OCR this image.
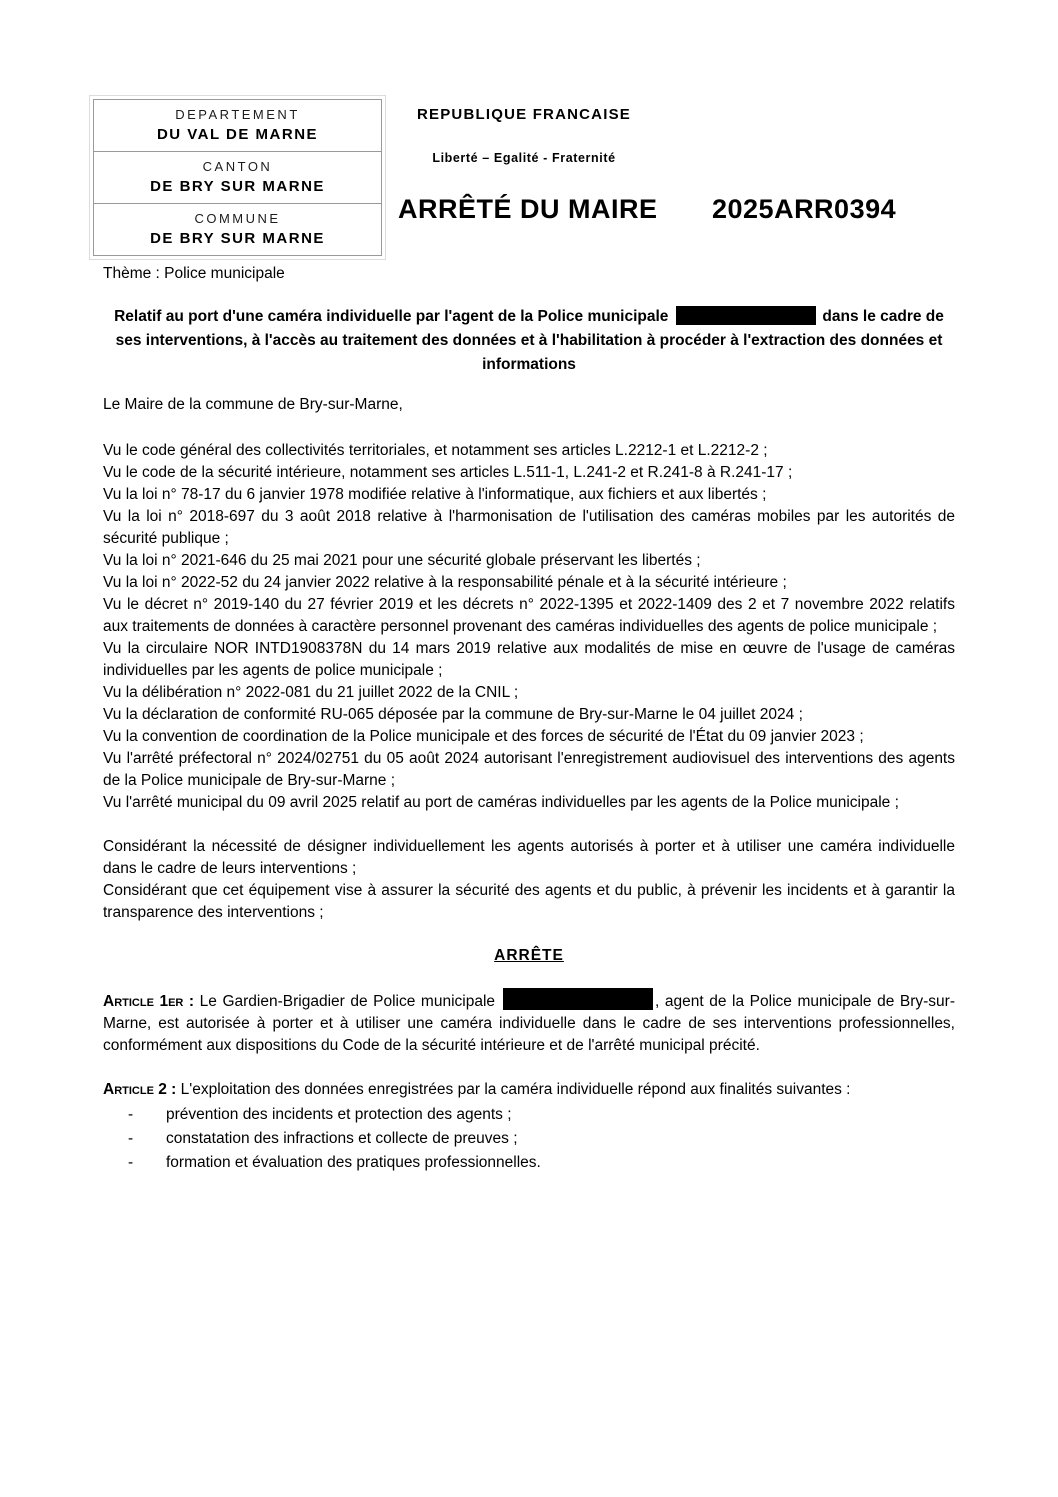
DEPARTEMENT
DU VAL DE MARNE
CANTON
DE BRY SUR MARNE
COMMUNE
DE BRY SUR MARNE
REPUBLIQUE FRANCAISE
Liberté – Egalité - Fraternité
ARRÊTÉ DU MAIRE 2025ARR0394

Thème : Police municipale

Relatif au port d'une caméra individuelle par l'agent de la Police municipale	dans le cadre de ses interventions, à l'accès au traitement des données et à l'habilitation à procéder à l'extraction des données et informations

Le Maire de la commune de Bry-sur-Marne,

Vu le code général des collectivités territoriales, et notamment ses articles L.2212-1 et L.2212-2 ;

Vu le code de la sécurité intérieure, notamment ses articles L.511-1, L.241-2 et R.241-8 à R.241-17 ;

Vu la loi n° 78-17 du 6 janvier 1978 modifiée relative à l'informatique, aux fichiers et aux libertés ;

Vu la loi n° 2018-697 du 3 août 2018 relative à l'harmonisation de l'utilisation des caméras mobiles par les autorités de sécurité publique ;

Vu la loi n° 2021-646 du 25 mai 2021 pour une sécurité globale préservant les libertés ;

Vu la loi n° 2022-52 du 24 janvier 2022 relative à la responsabilité pénale et à la sécurité intérieure ;

Vu le décret n° 2019-140 du 27 février 2019 et les décrets n° 2022-1395 et 2022-1409 des 2 et 7 novembre 2022 relatifs aux traitements de données à caractère personnel provenant des caméras individuelles des agents de police municipale ;

Vu la circulaire NOR INTD1908378N du 14 mars 2019 relative aux modalités de mise en œuvre de l'usage de caméras individuelles par les agents de police municipale ;

Vu la délibération n° 2022-081 du 21 juillet 2022 de la CNIL ;

Vu la déclaration de conformité RU-065 déposée par la commune de Bry-sur-Marne le 04 juillet 2024 ;

Vu la convention de coordination de la Police municipale et des forces de sécurité de l'État du 09 janvier 2023 ;

Vu l'arrêté préfectoral n° 2024/02751 du 05 août 2024 autorisant l'enregistrement audiovisuel des interventions des agents de la Police municipale de Bry-sur-Marne ;

Vu l'arrêté municipal du 09 avril 2025 relatif au port de caméras individuelles par les agents de la Police municipale ;

Considérant la nécessité de désigner individuellement les agents autorisés à porter et à utiliser une caméra individuelle dans le cadre de leurs interventions ;

Considérant que cet équipement vise à assurer la sécurité des agents et du public, à prévenir les incidents et à garantir la transparence des interventions ;

ARRÊTE

Article 1er : Le Gardien-Brigadier de Police municipale	, agent de la Police municipale de Bry-sur-Marne, est autorisée à porter et à utiliser une caméra individuelle dans le cadre de ses interventions professionnelles, conformément aux dispositions du Code de la sécurité intérieure et de l'arrêté municipal précité.

Article 2 : L'exploitation des données enregistrées par la caméra individuelle répond aux finalités suivantes :

- prévention des incidents et protection des agents ;
- constatation des infractions et collecte de preuves ;
- formation et évaluation des pratiques professionnelles.
